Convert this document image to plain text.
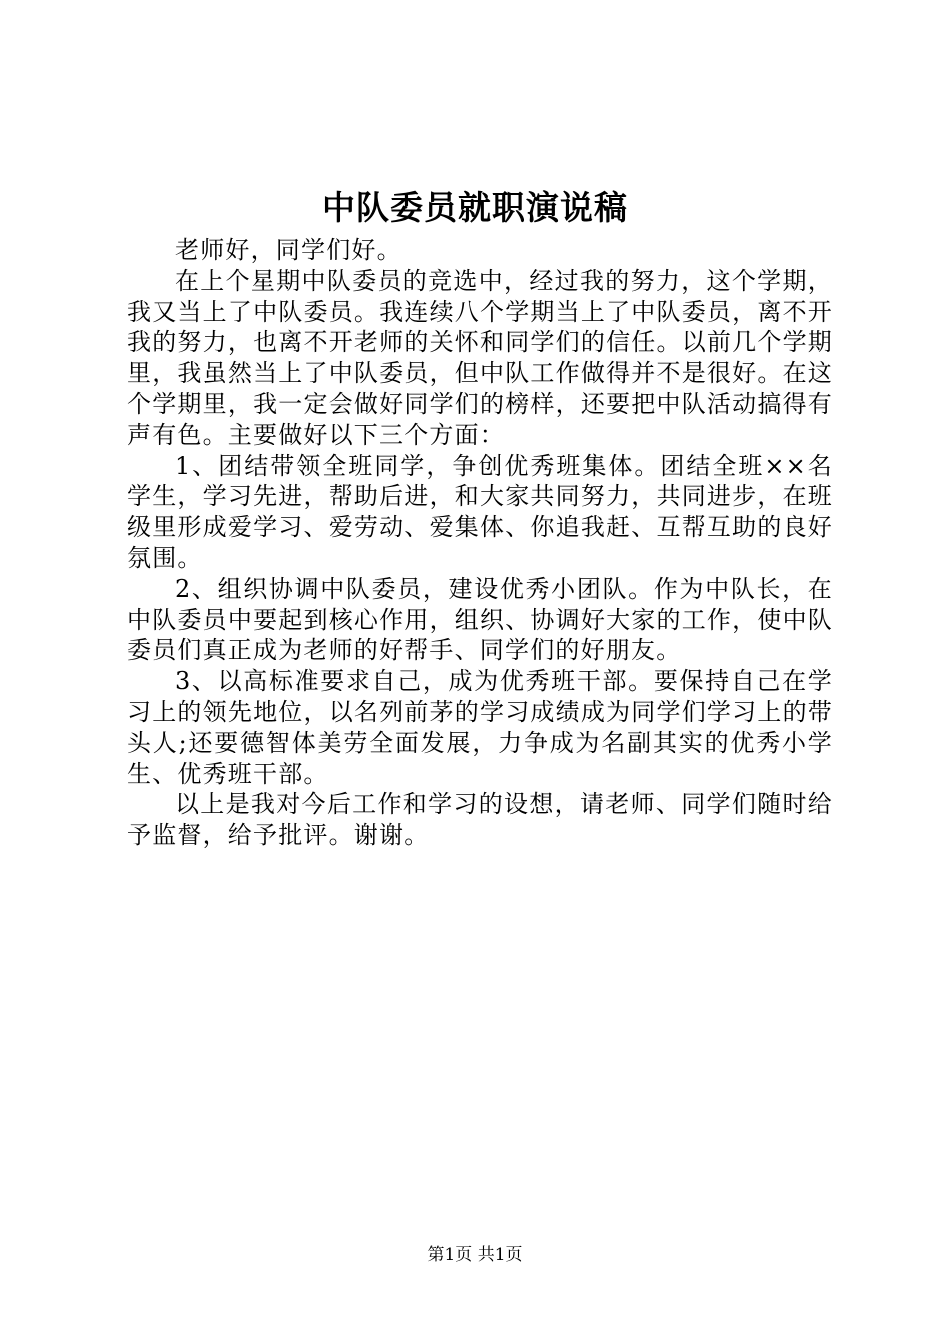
中队委员就职演说稿

老师好，同学们好。

在上个星期中队委员的竞选中，经过我的努力，这个学期，我又当上了中队委员。我连续八个学期当上了中队委员，离不开我的努力，也离不开老师的关怀和同学们的信任。以前几个学期里，我虽然当上了中队委员，但中队工作做得并不是很好。在这个学期里，我一定会做好同学们的榜样，还要把中队活动搞得有声有色。主要做好以下三个方面：

1、团结带领全班同学，争创优秀班集体。团结全班××名学生，学习先进，帮助后进，和大家共同努力，共同进步，在班级里形成爱学习、爱劳动、爱集体、你追我赶、互帮互助的良好氛围。

2、组织协调中队委员，建设优秀小团队。作为中队长，在中队委员中要起到核心作用，组织、协调好大家的工作，使中队委员们真正成为老师的好帮手、同学们的好朋友。

3、以高标准要求自己，成为优秀班干部。要保持自己在学习上的领先地位，以名列前茅的学习成绩成为同学们学习上的带头人;还要德智体美劳全面发展，力争成为名副其实的优秀小学生、优秀班干部。

以上是我对今后工作和学习的设想，请老师、同学们随时给予监督，给予批评。谢谢。

第1页 共1页
